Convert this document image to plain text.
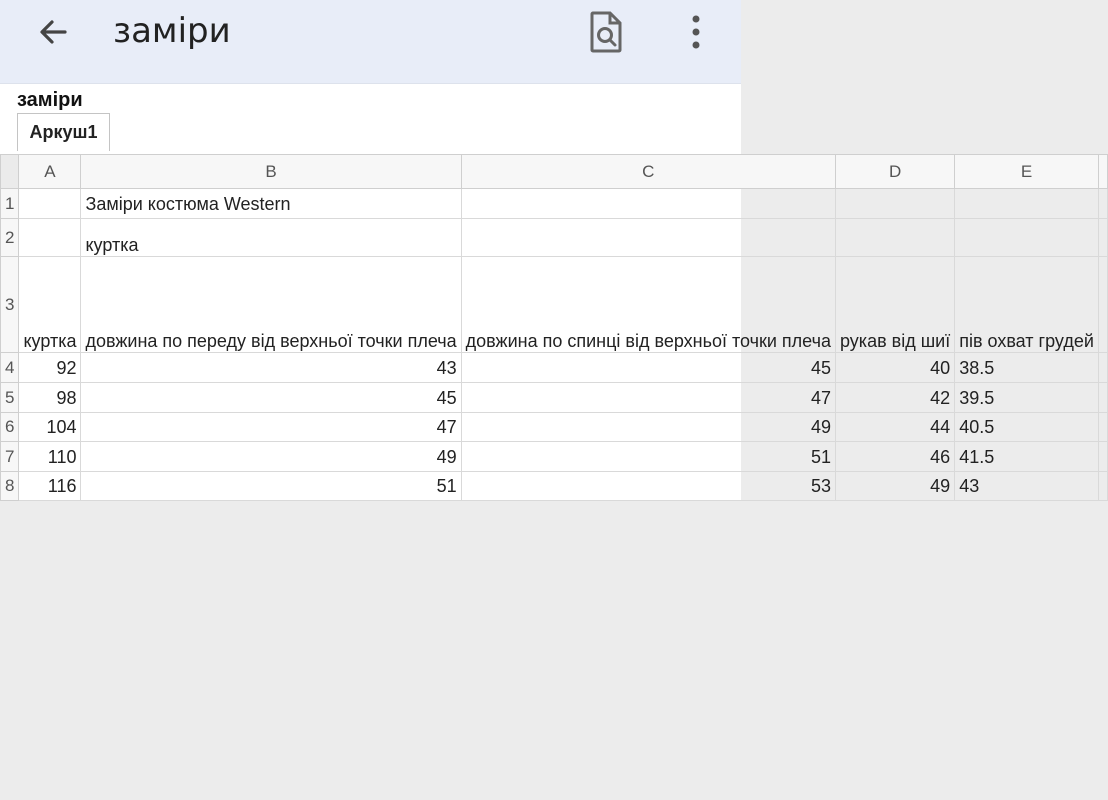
заміри
заміри
Аркуш1
	A	B	C	D	E	
1		Заміри костюма Western				
2		куртка				
3	куртка	довжина по переду від верхньої точки плеча	довжина по спинці від верхньої точки плеча	рукав від шиї	пів охват грудей	
4	92	43	45	40	38.5	
5	98	45	47	42	39.5	
6	104	47	49	44	40.5	
7	110	49	51	46	41.5	
8	116	51	53	49	43	
